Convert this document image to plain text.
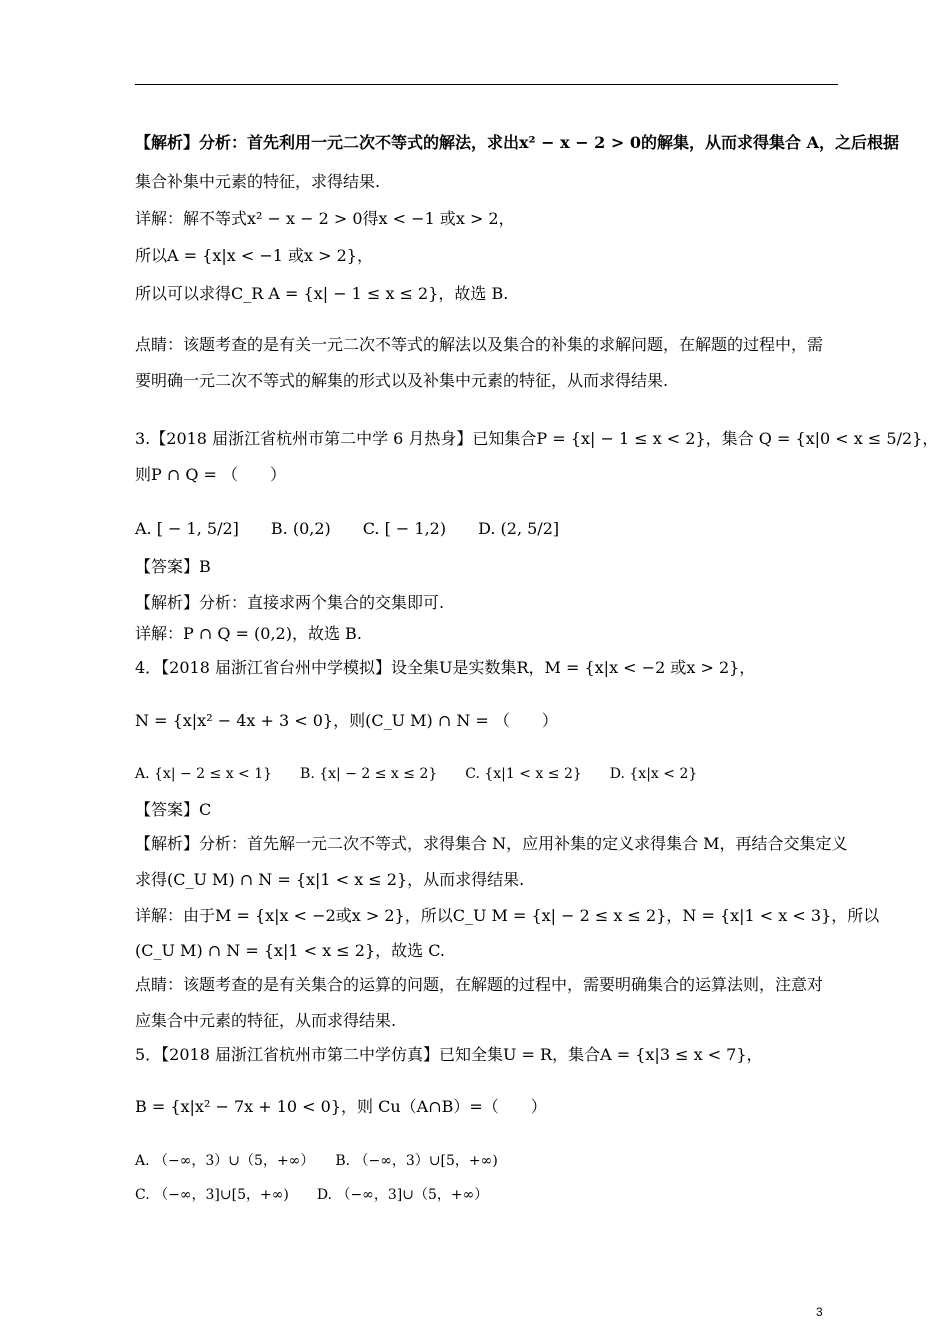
【解析】分析：首先利用一元二次不等式的解法，求出x² − x − 2 > 0的解集，从而求得集合 A，之后根据
集合补集中元素的特征，求得结果.
详解：解不等式x² − x − 2 > 0得x < −1 或x > 2，
所以A = {x|x < −1 或x > 2}，
所以可以求得C_R A = {x| − 1 ≤ x ≤ 2}，故选 B.
点睛：该题考查的是有关一元二次不等式的解法以及集合的补集的求解问题，在解题的过程中，需
要明确一元二次不等式的解集的形式以及补集中元素的特征，从而求得结果.
3.【2018 届浙江省杭州市第二中学 6 月热身】已知集合P = {x| − 1 ≤ x < 2}，集合 Q = {x|0 < x ≤ 5/2}，
则P ∩ Q = （　　）
A. [ − 1, 5/2]　　B. (0,2)　　C. [ − 1,2)　　D. (2, 5/2]
【答案】B
【解析】分析：直接求两个集合的交集即可.
详解：P ∩ Q = (0,2)，故选 B.
4．【2018 届浙江省台州中学模拟】设全集U是实数集R，M = {x|x < −2 或x > 2}，
N = {x|x² − 4x + 3 < 0}，则(C_U M) ∩ N = （　　）
A. {x| − 2 ≤ x < 1}　　B. {x| − 2 ≤ x ≤ 2}　　C. {x|1 < x ≤ 2}　　D. {x|x < 2}
【答案】C
【解析】分析：首先解一元二次不等式，求得集合 N，应用补集的定义求得集合 M，再结合交集定义
求得(C_U M) ∩ N = {x|1 < x ≤ 2}，从而求得结果.
详解：由于M = {x|x < −2或x > 2}，所以C_U M = {x| − 2 ≤ x ≤ 2}，N = {x|1 < x < 3}，所以
(C_U M) ∩ N = {x|1 < x ≤ 2}，故选 C.
点睛：该题考查的是有关集合的运算的问题，在解题的过程中，需要明确集合的运算法则，注意对
应集合中元素的特征，从而求得结果.
5．【2018 届浙江省杭州市第二中学仿真】已知全集U = R，集合A = {x|3 ≤ x < 7}，
B = {x|x² − 7x + 10 < 0}，则 Cu（A∩B）=（　　）
A. （−∞，3）∪（5，+∞）　　B. （−∞，3）∪[5，+∞)
C. （−∞，3]∪[5，+∞)　　D. （−∞，3]∪（5，+∞）
3
